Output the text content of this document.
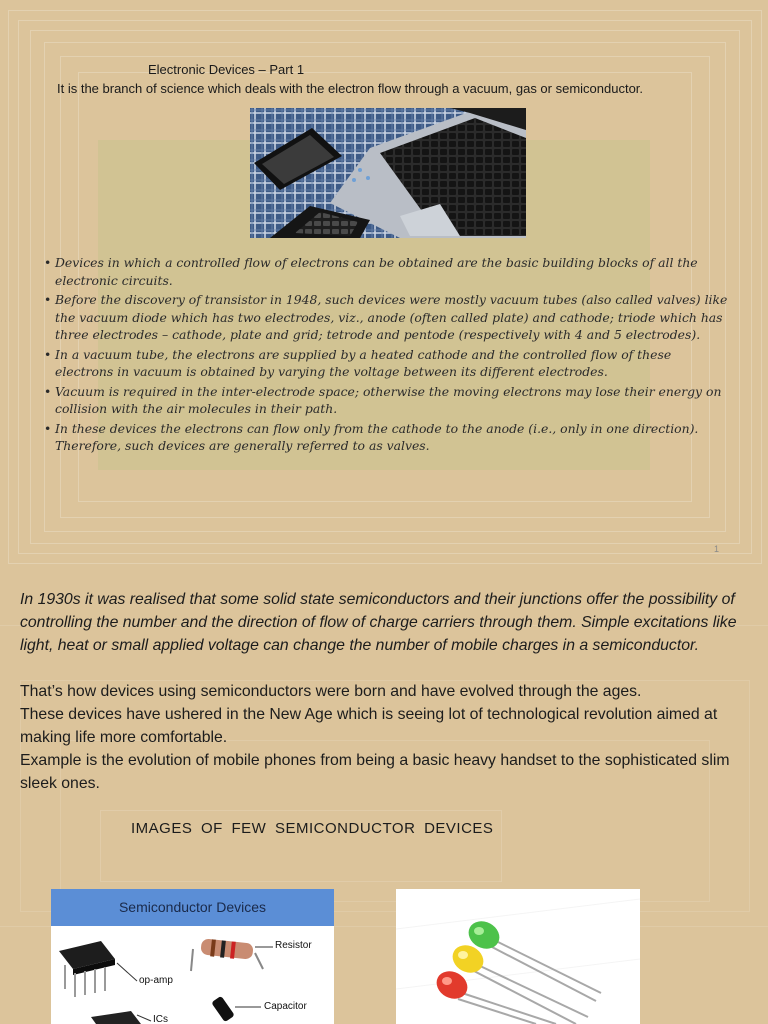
Electronic Devices – Part 1
It is the branch of science which deals with the electron flow through a vacuum, gas or semiconductor.
• Devices in which a controlled flow of electrons can be obtained are the basic building blocks of all the electronic circuits.
• Before the discovery of transistor in 1948, such devices were mostly vacuum tubes (also called valves) like the vacuum diode which has two electrodes, viz., anode (often called plate) and cathode; triode which has three electrodes – cathode, plate and grid; tetrode and pentode (respectively with 4 and 5 electrodes).
• In a vacuum tube, the electrons are supplied by a heated cathode and the controlled flow of these electrons in vacuum is obtained by varying the voltage between its different electrodes.
• Vacuum is required in the inter-electrode space; otherwise the moving electrons may lose their energy on collision with the air molecules in their path.
• In these devices the electrons can flow only from the cathode to the anode (i.e., only in one direction). Therefore, such devices are generally referred to as valves.
1

In 1930s it was realised that some solid state semiconductors and their junctions offer the possibility of controlling the number and the direction of flow of charge carriers through them. Simple excitations like light, heat or small applied voltage can change the number of mobile charges in a semiconductor.

That’s how devices using semiconductors were born and have evolved through the ages.

These devices have ushered in the New Age which is seeing lot of technological revolution aimed at making life more comfortable.

Example is the evolution of mobile phones from being a basic heavy handset to the sophisticated slim sleek ones.

IMAGES OF FEW SEMICONDUCTOR DEVICES
Semiconductor Devices
Resistor
op-amp
Capacitor
ICs
